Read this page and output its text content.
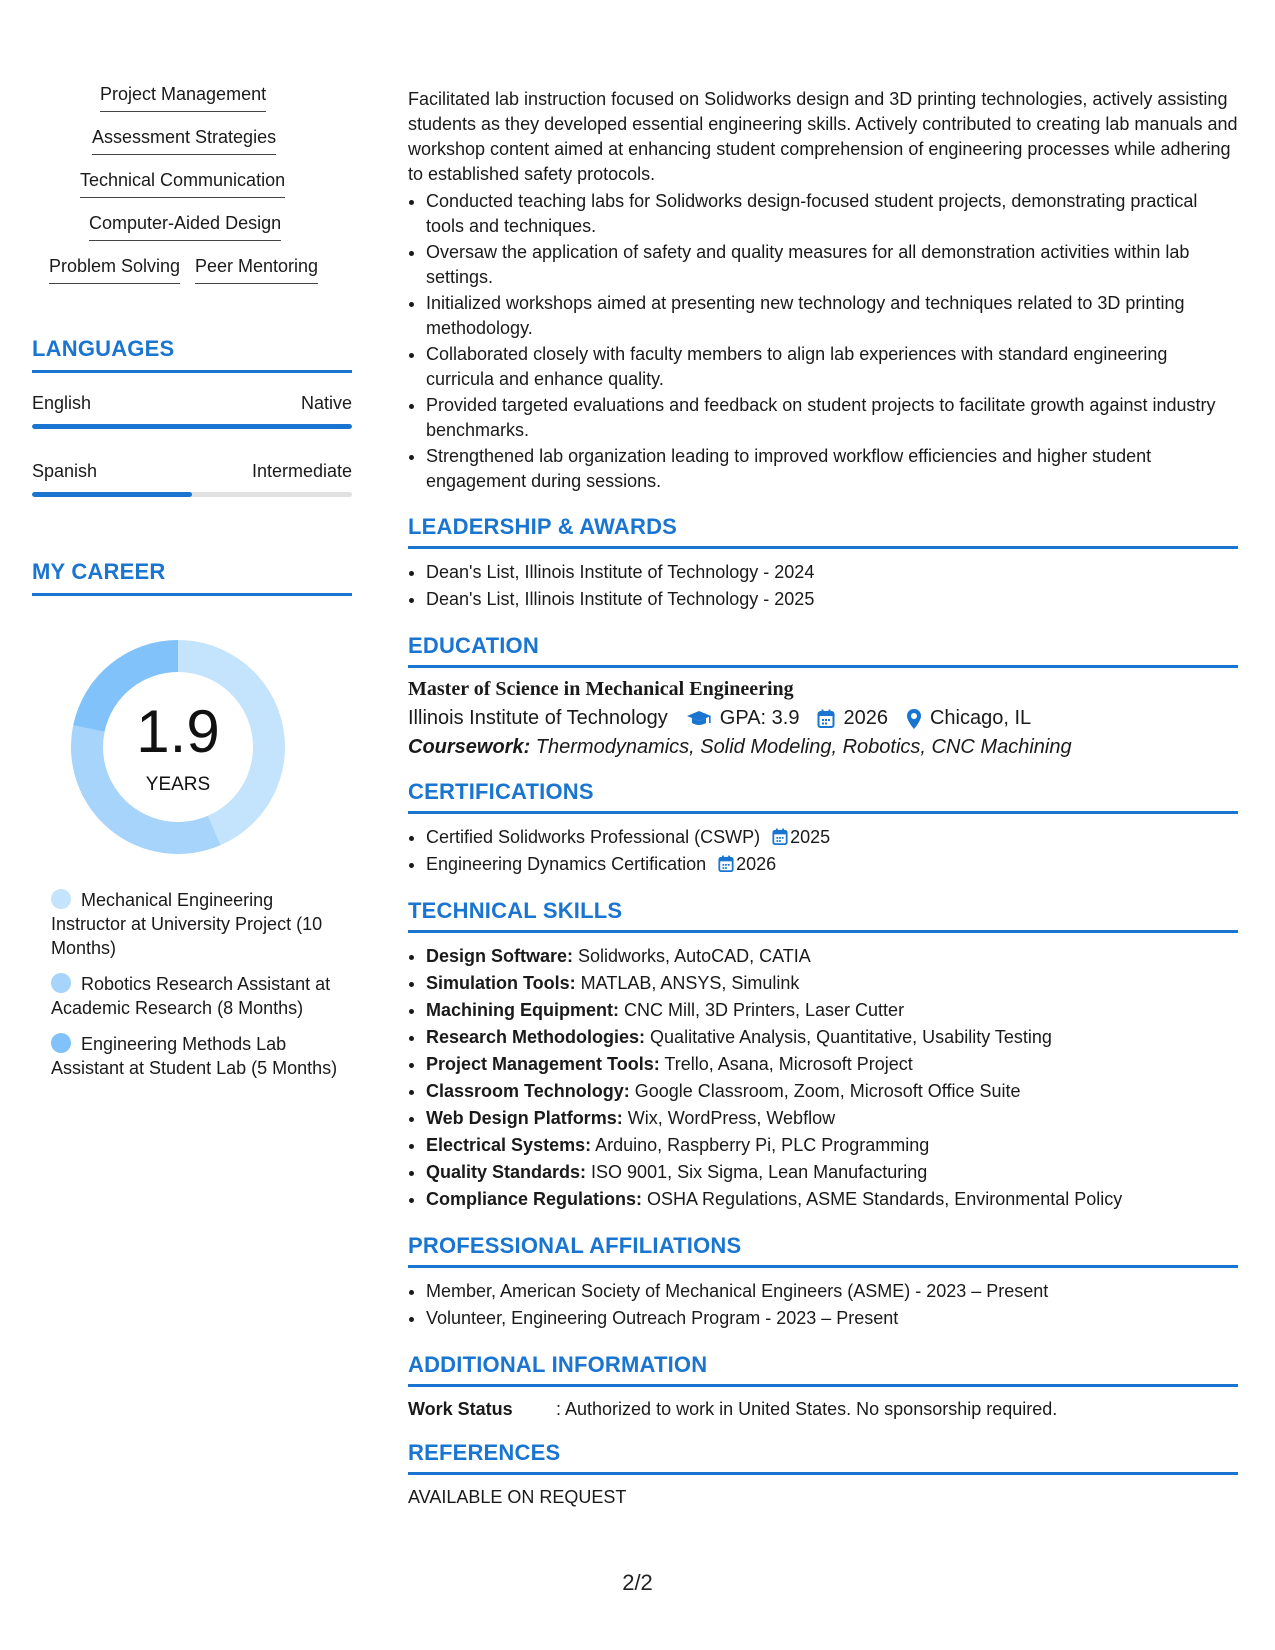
Project Management
Assessment Strategies
Technical Communication
Computer-Aided Design
Problem Solving Peer Mentoring
LANGUAGES
English	Native
Spanish	Intermediate
MY CAREER
1.9
YEARS
Mechanical Engineering Instructor at University Project (10 Months)
Robotics Research Assistant at Academic Research (8 Months)
Engineering Methods Lab Assistant at Student Lab (5 Months)

Facilitated lab instruction focused on Solidworks design and 3D printing technologies, actively assisting students as they developed essential engineering skills. Actively contributed to creating lab manuals and workshop content aimed at enhancing student comprehension of engineering processes while adhering to established safety protocols.

• Conducted teaching labs for Solidworks design-focused student projects, demonstrating practical tools and techniques.
• Oversaw the application of safety and quality measures for all demonstration activities within lab settings.
• Initialized workshops aimed at presenting new technology and techniques related to 3D printing methodology.
• Collaborated closely with faculty members to align lab experiences with standard engineering curricula and enhance quality.
• Provided targeted evaluations and feedback on student projects to facilitate growth against industry benchmarks.
• Strengthened lab organization leading to improved workflow efficiencies and higher student engagement during sessions.
LEADERSHIP & AWARDS
• Dean's List, Illinois Institute of Technology - 2024
• Dean's List, Illinois Institute of Technology - 2025
EDUCATION
Master of Science in Mechanical Engineering
Illinois Institute of Technology	GPA: 3.9 2026 Chicago, IL
Coursework: Thermodynamics, Solid Modeling, Robotics, CNC Machining
CERTIFICATIONS
• Certified Solidworks Professional (CSWP) 2025
• Engineering Dynamics Certification 2026
TECHNICAL SKILLS
• Design Software: Solidworks, AutoCAD, CATIA
• Simulation Tools: MATLAB, ANSYS, Simulink
• Machining Equipment: CNC Mill, 3D Printers, Laser Cutter
• Research Methodologies: Qualitative Analysis, Quantitative, Usability Testing
• Project Management Tools: Trello, Asana, Microsoft Project
• Classroom Technology: Google Classroom, Zoom, Microsoft Office Suite
• Web Design Platforms: Wix, WordPress, Webflow
• Electrical Systems: Arduino, Raspberry Pi, PLC Programming
• Quality Standards: ISO 9001, Six Sigma, Lean Manufacturing
• Compliance Regulations: OSHA Regulations, ASME Standards, Environmental Policy
PROFESSIONAL AFFILIATIONS
• Member, American Society of Mechanical Engineers (ASME) - 2023 – Present
• Volunteer, Engineering Outreach Program - 2023 – Present
ADDITIONAL INFORMATION
Work Status	: Authorized to work in United States. No sponsorship required.
REFERENCES
AVAILABLE ON REQUEST
2/2
